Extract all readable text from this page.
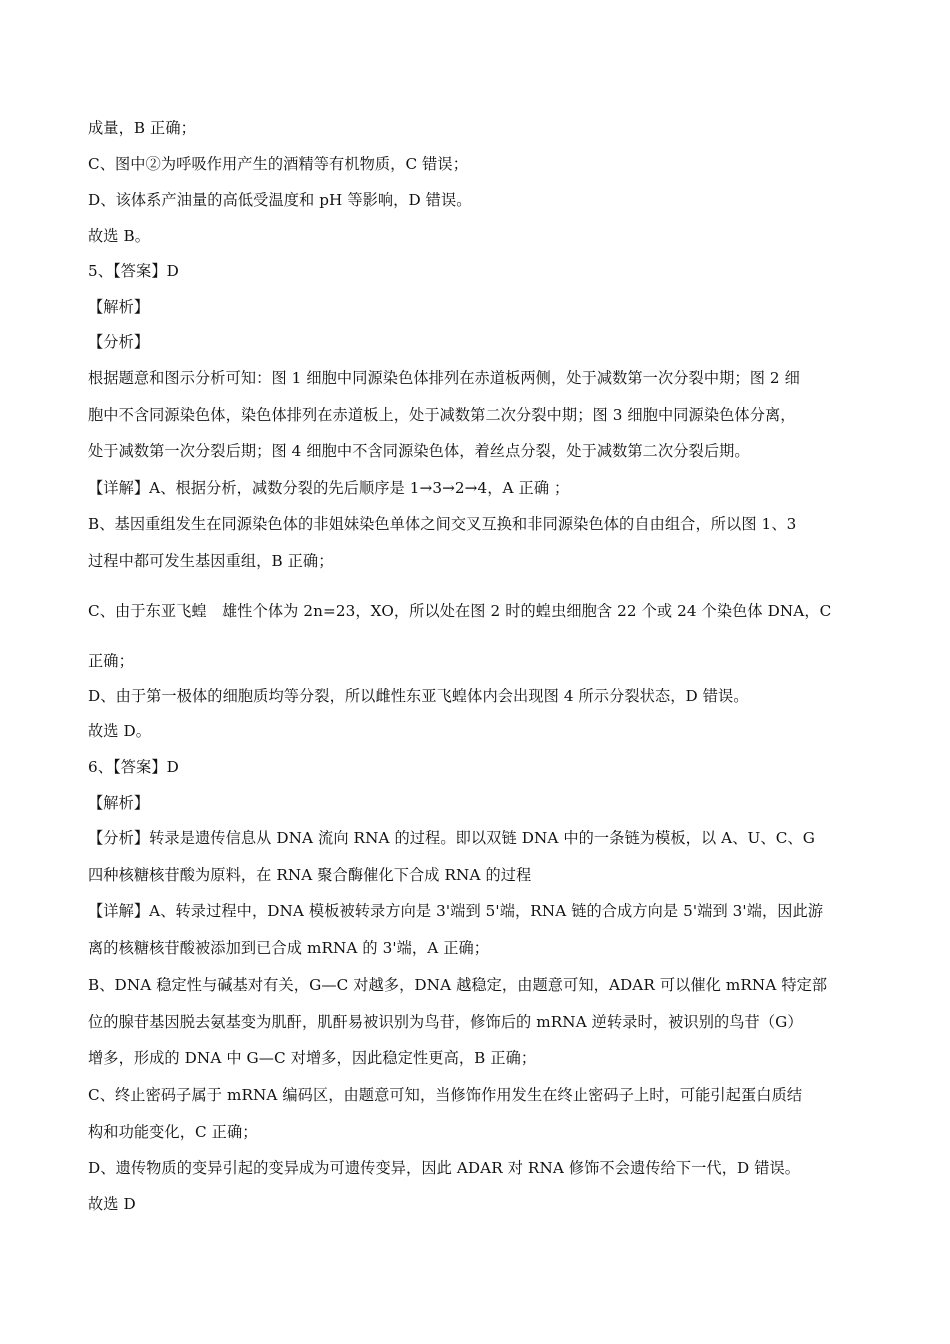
成量，B 正确；
C、图中②为呼吸作用产生的酒精等有机物质，C 错误；
D、该体系产油量的高低受温度和 pH 等影响，D 错误。
故选 B。
5、【答案】D
【解析】
【分析】
根据题意和图示分析可知：图 1 细胞中同源染色体排列在赤道板两侧，处于减数第一次分裂中期；图 2 细
胞中不含同源染色体，染色体排列在赤道板上，处于减数第二次分裂中期；图 3 细胞中同源染色体分离，
处于减数第一次分裂后期；图 4 细胞中不含同源染色体，着丝点分裂，处于减数第二次分裂后期。
【详解】A、根据分析，减数分裂的先后顺序是 1→3→2→4，A 正确 ；
B、基因重组发生在同源染色体的非姐妹染色单体之间交叉互换和非同源染色体的自由组合，所以图 1、3
过程中都可发生基因重组，B 正确；
C、由于东亚飞蝗　雄性个体为 2n=23，XO，所以处在图 2 时的蝗虫细胞含 22 个或 24 个染色体 DNA，C
正确；
D、由于第一极体的细胞质均等分裂，所以雌性东亚飞蝗体内会出现图 4 所示分裂状态，D 错误。
故选 D。
6、【答案】D
【解析】
【分析】转录是遗传信息从 DNA 流向 RNA 的过程。即以双链 DNA 中的一条链为模板，以 A、U、C、G
四种核糖核苷酸为原料，在 RNA 聚合酶催化下合成 RNA 的过程
【详解】A、转录过程中，DNA 模板被转录方向是 3'端到 5'端，RNA 链的合成方向是 5'端到 3'端，因此游
离的核糖核苷酸被添加到已合成 mRNA 的 3'端，A 正确；
B、DNA 稳定性与碱基对有关，G—C 对越多，DNA 越稳定，由题意可知，ADAR 可以催化 mRNA 特定部
位的腺苷基因脱去氨基变为肌酐，肌酐易被识别为鸟苷，修饰后的 mRNA 逆转录时，被识别的鸟苷（G）
增多，形成的 DNA 中 G—C 对增多，因此稳定性更高，B 正确；
C、终止密码子属于 mRNA 编码区，由题意可知，当修饰作用发生在终止密码子上时，可能引起蛋白质结
构和功能变化，C 正确；
D、遗传物质的变异引起的变异成为可遗传变异，因此 ADAR 对 RNA 修饰不会遗传给下一代，D 错误。
故选 D
